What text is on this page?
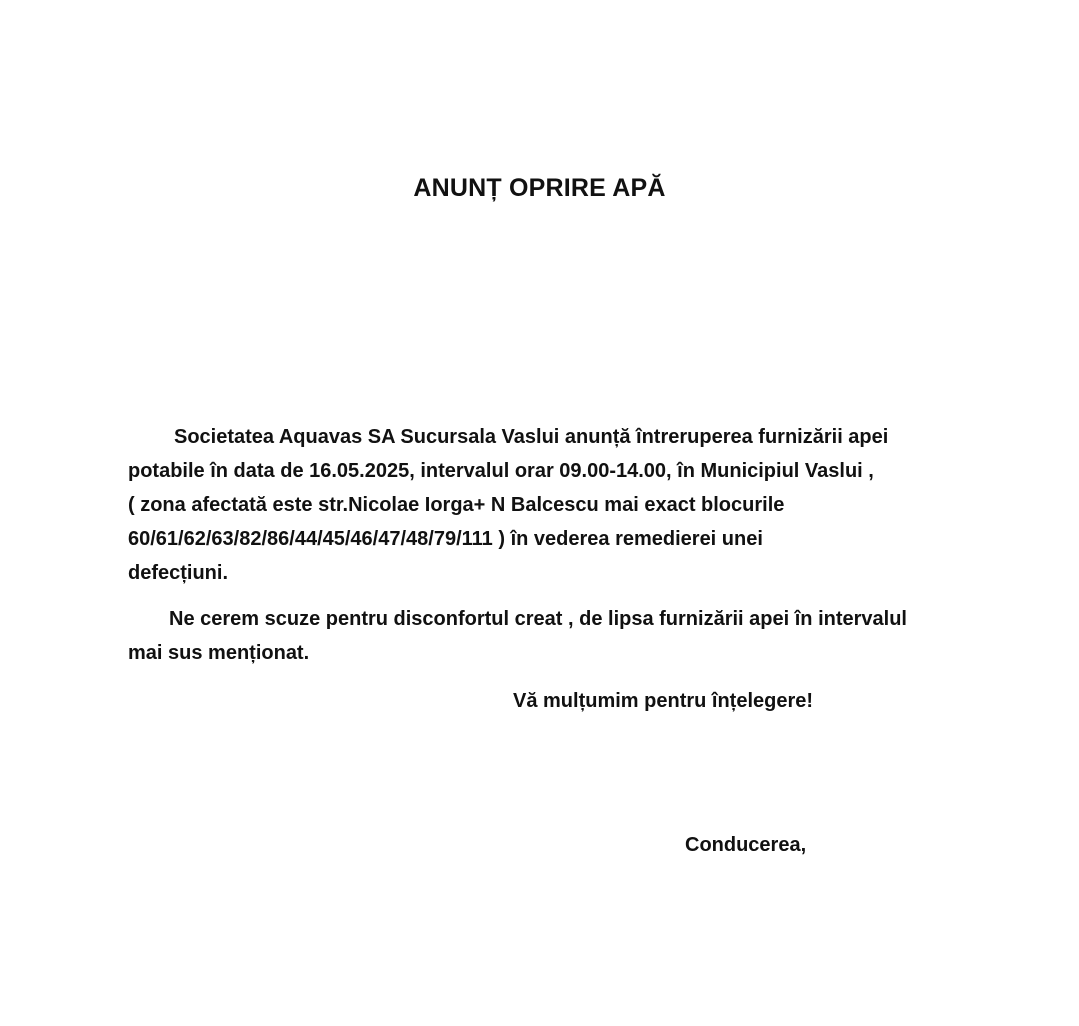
ANUNȚ OPRIRE APĂ

Societatea Aquavas SA Sucursala Vaslui anunță întreruperea furnizării apei
potabile în data de 16.05.2025, intervalul orar 09.00-14.00, în Municipiul Vaslui ,
( zona afectată este str.Nicolae Iorga+ N Balcescu mai exact blocurile
60/61/62/63/82/86/44/45/46/47/48/79/111 ) în vederea remedierei unei
defecțiuni.

Ne cerem scuze pentru disconfortul creat , de lipsa furnizării apei în intervalul
mai sus menționat.

Vă mulțumim pentru înțelegere!
Conducerea,
